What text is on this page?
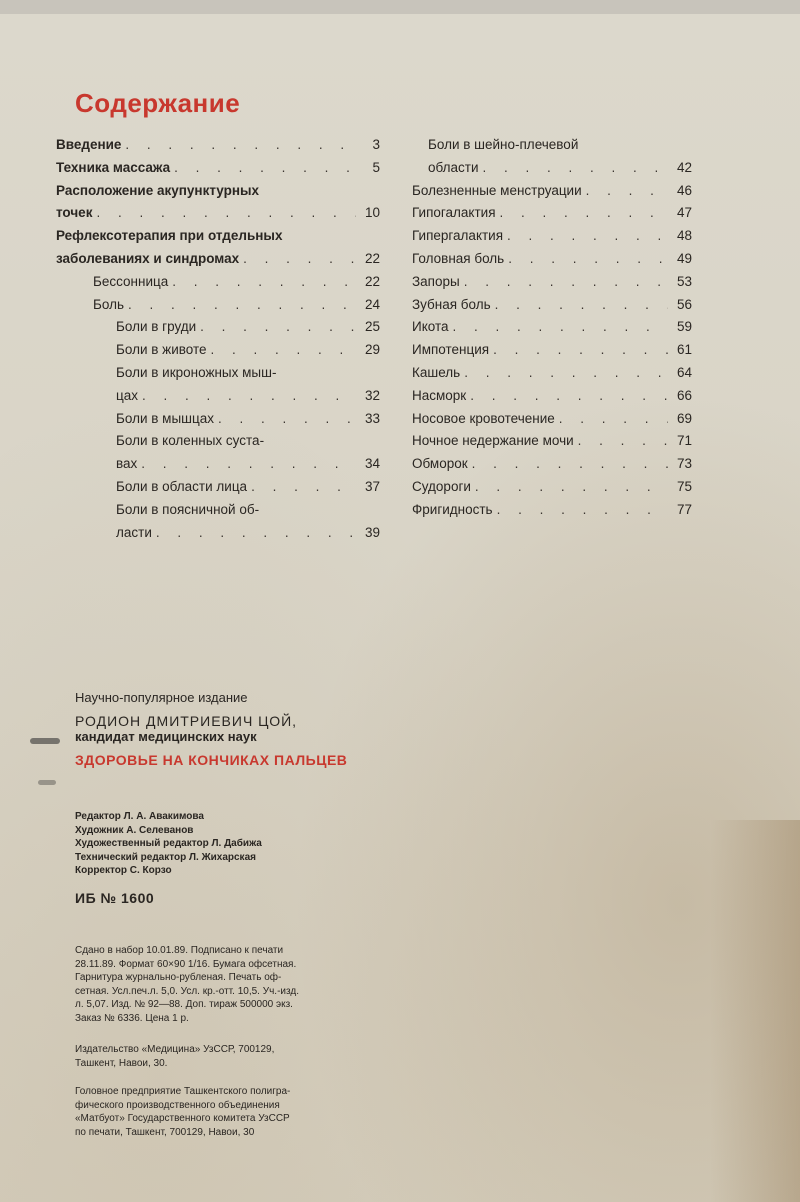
Содержание
Введение . . .	3
Техника массажа . . .	5
Расположение акупунктурных
точек . . .	10
Рефлексотерапия при отдельных
заболеваниях и синдромах . . .	22
Бессонница . . .	22
Боль . . .	24
Боли в груди . . .	25
Боли в животе . . .	29
Боли в икроножных мыш-
цах . . .	32
Боли в мышцах . . .	33
Боли в коленных суста-
вах . . .	34
Боли в области лица . . .	37
Боли в поясничной об-
ласти . . .	39
Боли в шейно-плечевой
области . . .	42
Болезненные менструации . . .	46
Гипогалактия . . .	47
Гипергалактия . . .	48
Головная боль . . .	49
Запоры . . .	53
Зубная боль . . .	56
Икота . . .	59
Импотенция . . .	61
Кашель . . .	64
Насморк . . .	66
Носовое кровотечение . . .	69
Ночное недержание мочи . . .	71
Обморок . . .	73
Судороги . . .	75
Фригидность . . .	77
Научно-популярное издание
РОДИОН ДМИТРИЕВИЧ ЦОЙ,
кандидат медицинских наук
ЗДОРОВЬЕ НА КОНЧИКАХ ПАЛЬЦЕВ
Редактор Л. А. Авакимова
Художник А. Селеванов
Художественный редактор Л. Дабижа
Технический редактор Л. Жихарская
Корректор С. Корзо
ИБ № 1600
Сдано в набор 10.01.89. Подписано к печати
28.11.89. Формат 60×90 1/16. Бумага офсетная.
Гарнитура журнально-рубленая. Печать оф-
сетная. Усл.печ.л. 5,0. Усл. кр.-отт. 10,5. Уч.-изд.
л. 5,07. Изд. № 92—88. Доп. тираж 500000 экз.
Заказ № 6336. Цена 1 р.
Издательство «Медицина» УзССР, 700129,
Ташкент, Навои, 30.
Головное предприятие Ташкентского полигра-
фического производственного объединения
«Матбуот» Государственного комитета УзССР
по печати, Ташкент, 700129, Навои, 30
